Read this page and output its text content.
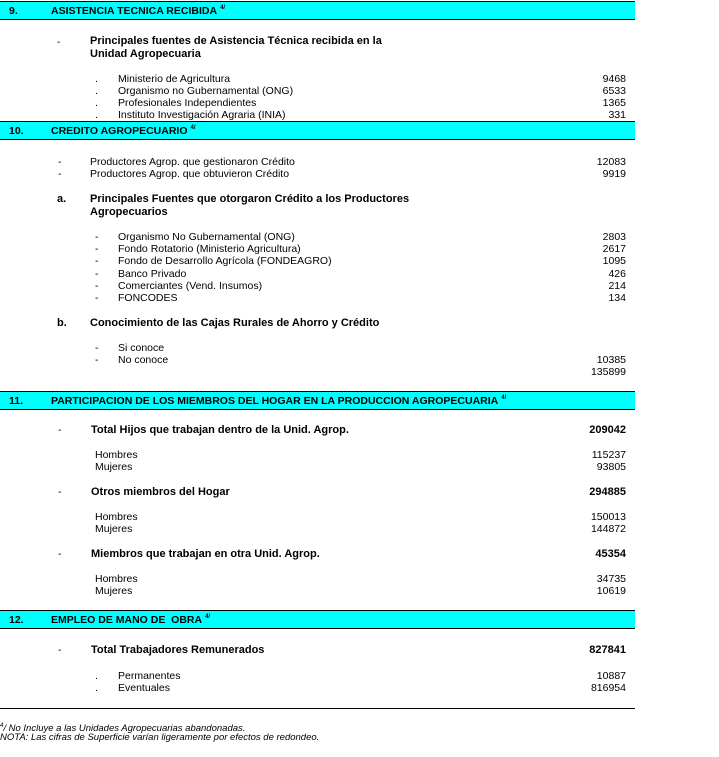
9.	ASISTENCIA TECNICA RECIBIDA $^{4/}$
-	Principales fuentes de Asistencia Técnica recibida en la
Unidad Agropecuaria
. Ministerio de Agricultura	9468
. Organismo no Gubernamental (ONG)	6533
. Profesionales Independientes	1365
. Instituto Investigación Agraria (INIA)	331
10.	CREDITO AGROPECUARIO $^{4/}$
-	Productores Agrop. que gestionaron Crédito	12083
-	Productores Agrop. que obtuvieron Crédito	9919
a. Principales Fuentes que otorgaron Crédito a los Productores
Agropecuarios
- Organismo No Gubernamental (ONG)	2803
- Fondo Rotatorio (Ministerio Agricultura)	2617
- Fondo de Desarrollo Agrícola (FONDEAGRO)	1095
- Banco Privado	426
- Comerciantes (Vend. Insumos)	214
- FONCODES	134
b. Conocimiento de las Cajas Rurales de Ahorro y Crédito
- Si conoce
- No conoce	10385
135899
11.	PARTICIPACION DE LOS MIEMBROS DEL HOGAR EN LA PRODUCCION AGROPECUARIA $^{4/}$
-	Total Hijos que trabajan dentro de la Unid. Agrop.	209042
Hombres	115237
Mujeres	93805
-	Otros miembros del Hogar	294885
Hombres	150013
Mujeres	144872
-	Miembros que trabajan en otra Unid. Agrop.	45354
Hombres	34735
Mujeres	10619
12.	EMPLEO DE MANO DE  OBRA $^{4/}$
-	Total Trabajadores Remunerados	827841
. Permanentes	10887
. Eventuales	816954
$^4$/ No Incluye a las Unidades Agropecuarias abandonadas.
NOTA: Las cifras de Superficie varían ligeramente por efectos de redondeo.
